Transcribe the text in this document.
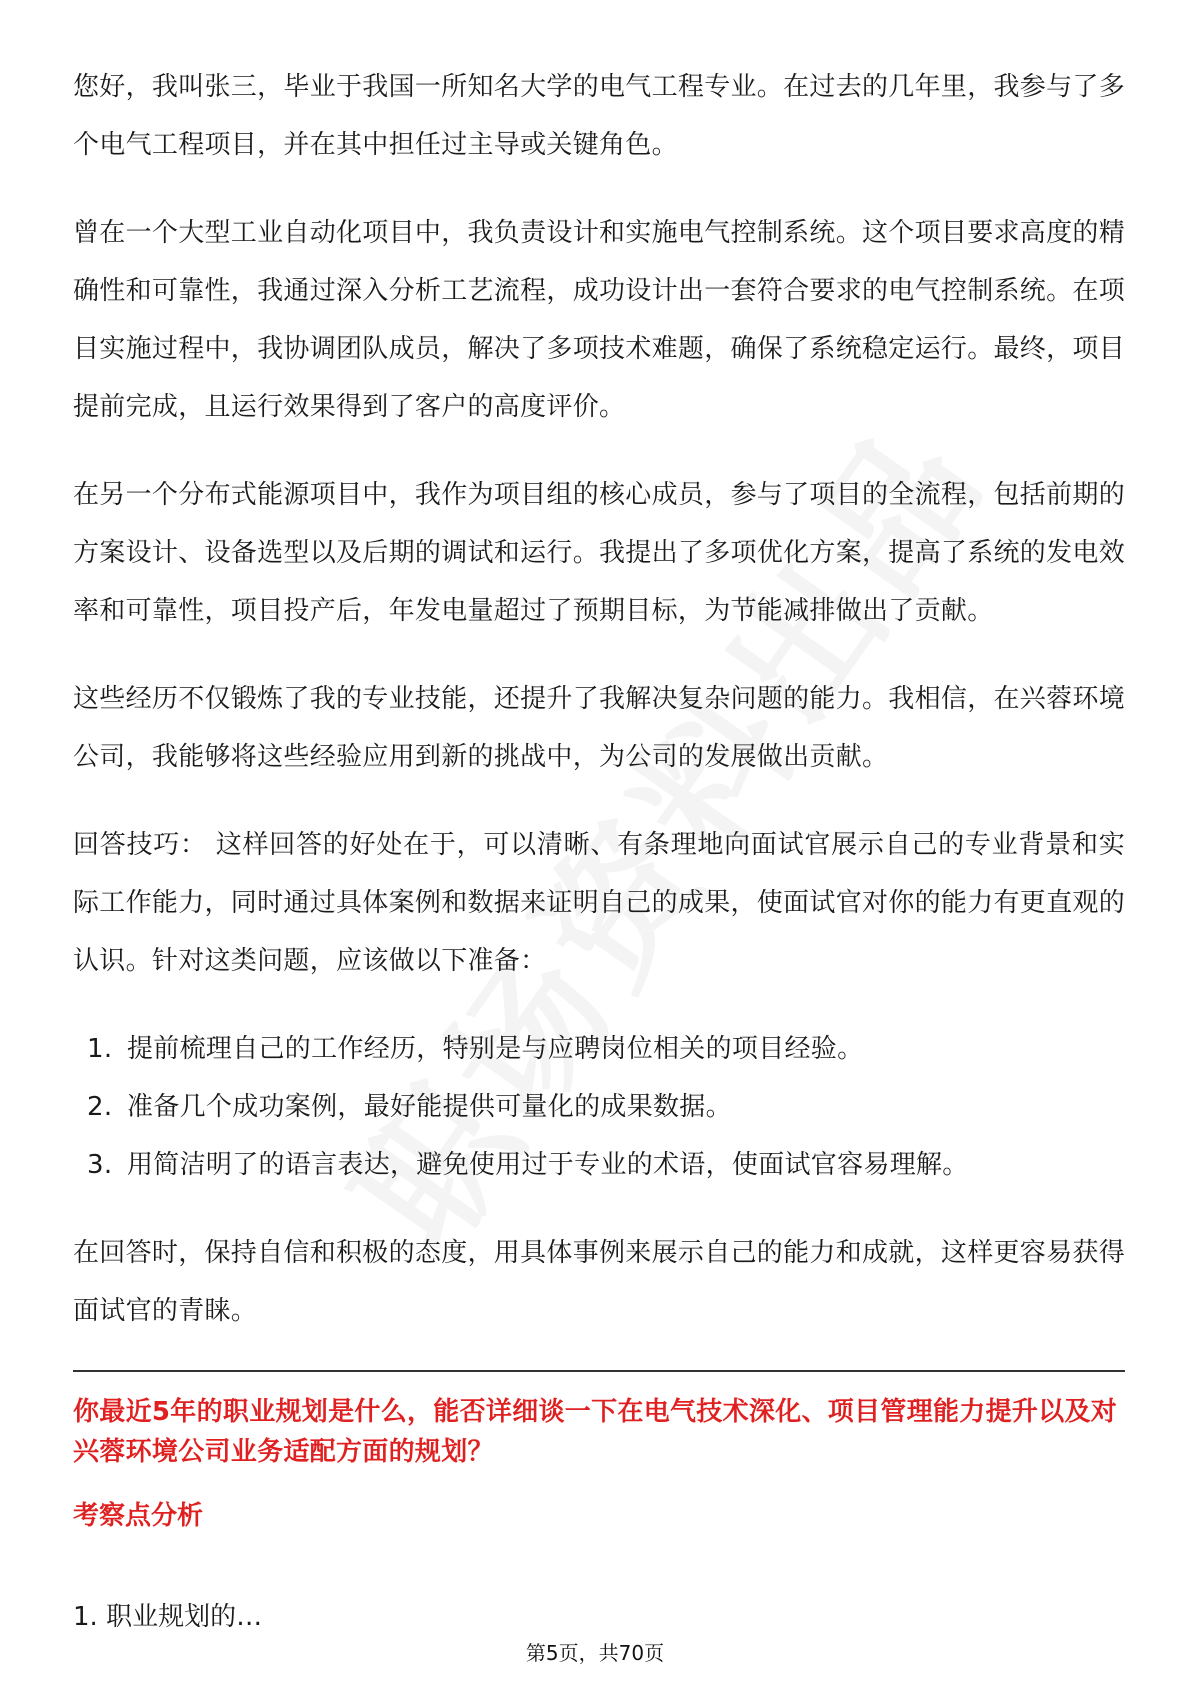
您好，我叫张三，毕业于我国一所知名大学的电气工程专业。在过去的几年里，我参与了多个电气工程项目，并在其中担任过主导或关键角色。

曾在一个大型工业自动化项目中，我负责设计和实施电气控制系统。这个项目要求高度的精确性和可靠性，我通过深入分析工艺流程，成功设计出一套符合要求的电气控制系统。在项目实施过程中，我协调团队成员，解决了多项技术难题，确保了系统稳定运行。最终，项目提前完成，且运行效果得到了客户的高度评价。

在另一个分布式能源项目中，我作为项目组的核心成员，参与了项目的全流程，包括前期的方案设计、设备选型以及后期的调试和运行。我提出了多项优化方案，提高了系统的发电效率和可靠性，项目投产后，年发电量超过了预期目标，为节能减排做出了贡献。

这些经历不仅锻炼了我的专业技能，还提升了我解决复杂问题的能力。我相信，在兴蓉环境公司，我能够将这些经验应用到新的挑战中，为公司的发展做出贡献。

回答技巧： 这样回答的好处在于，可以清晰、有条理地向面试官展示自己的专业背景和实际工作能力，同时通过具体案例和数据来证明自己的成果，使面试官对你的能力有更直观的认识。针对这类问题，应该做以下准备：

1. 提前梳理自己的工作经历，特别是与应聘岗位相关的项目经验。
2. 准备几个成功案例，最好能提供可量化的成果数据。
3. 用简洁明了的语言表达，避免使用过于专业的术语，使面试官容易理解。

在回答时，保持自信和积极的态度，用具体事例来展示自己的能力和成就，这样更容易获得面试官的青睐。

你最近5年的职业规划是什么，能否详细谈一下在电气技术深化、项目管理能力提升以及对兴蓉环境公司业务适配方面的规划？

考察点分析

1. 职业规划的…
第5页，共70页
